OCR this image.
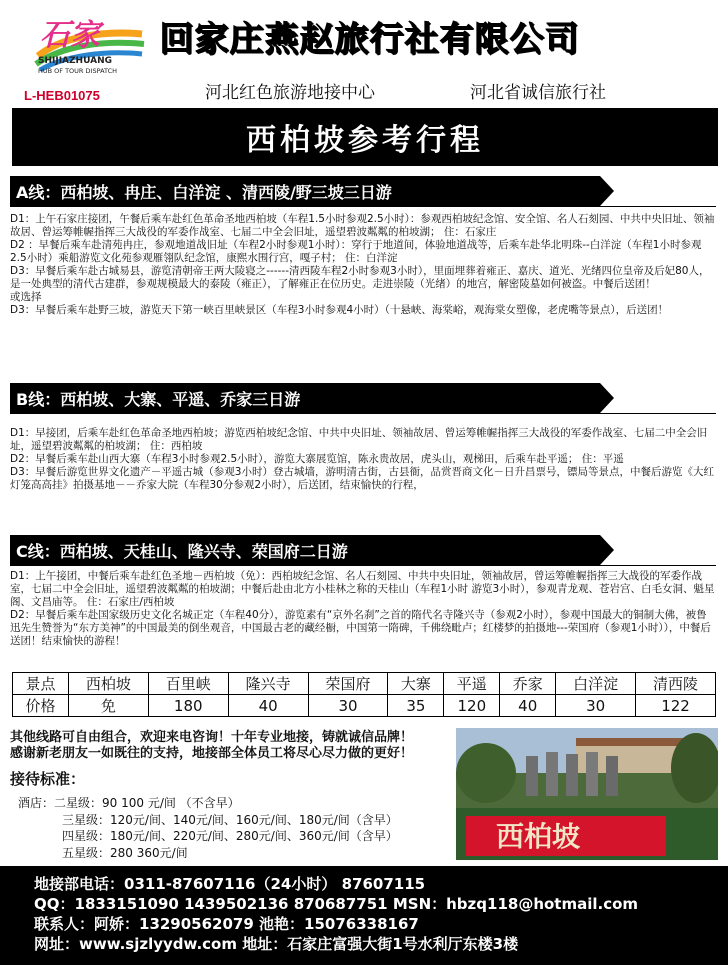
石家
SHIJIAZHUANG
HUB OF TOUR DISPATCH
L-HEB01075
回家庄燕赵旅行社有限公司
河北红色旅游地接中心	河北省诚信旅行社
西柏坡参考行程
A线：西柏坡、冉庄、白洋淀 、清西陵/野三坡三日游

D1：上午石家庄接团，午餐后乘车赴红色革命圣地西柏坡（车程1.5小时参观2.5小时）：参观西柏坡纪念馆、安全馆、名人石刻园、中共中央旧址、领袖故居、曾运筹帷幄指挥三大战役的军委作战室、七届二中全会旧址，遥望碧波粼粼的柏坡湖； 住：石家庄

D2 ：早餐后乘车赴清苑冉庄，参观地道战旧址（车程2小时参观1小时）：穿行于地道间，体验地道战等，后乘车赴华北明珠--白洋淀（车程1小时参观2.5小时）乘船游览文化苑参观雁翎队纪念馆，康熙水围行宫，嘎子村； 住：白洋淀

D3：早餐后乘车赴古城易县，游览清朝帝王两大陵寝之------清西陵车程2小时参观3小时），里面埋葬着雍正、嘉庆、道光、光绪四位皇帝及后妃80人，是一处典型的清代古建群，参观规模最大的泰陵（雍正），了解雍正在位历史。走进崇陵（光绪）的地宫，解密陵墓如何被盗。中餐后送团！

或选择

D3：早餐后乘车赴野三坡，游览天下第一峡百里峡景区（车程3小时参观4小时）（十悬峡、海棠峪，观海棠女塑像，老虎嘴等景点），后送团！

B线：西柏坡、大寨、平遥、乔家三日游

D1：早接团，后乘车赴红色革命圣地西柏坡；游览西柏坡纪念馆、中共中央旧址、领袖故居、曾运筹帷幄指挥三大战役的军委作战室、七届二中全会旧址，遥望碧波粼粼的柏坡湖； 住：西柏坡

D2：早餐后乘车赴山西大寨（车程3小时参观2.5小时），游览大寨展览馆，陈永贵故居，虎头山，观梯田，后乘车赴平遥； 住：平遥

D3：早餐后游览世界文化遗产－平遥古城（参观3小时）登古城墙，游明清古街，古县衙，品赏晋商文化－日升昌票号，镖局等景点，中餐后游览《大红灯笼高高挂》拍摄基地－－乔家大院（车程30分参观2小时），后送团，结束愉快的行程，

C线：西柏坡、天桂山、隆兴寺、荣国府二日游

D1：上午接团，中餐后乘车赴红色圣地－西柏坡（免）：西柏坡纪念馆、名人石刻园、中共中央旧址，领袖故居，曾运筹帷幄指挥三大战役的军委作战室，七届二中全会旧址，遥望碧波粼粼的柏坡湖；中餐后赴由北方小桂林之称的天桂山（车程1小时 游览3小时），参观青龙观、苍岩宫、白毛女洞、魁星阁、文昌庙等。 住：石家庄/西柏坡

D2：早餐后乘车赴国家级历史文化名城正定（车程40分），游览素有“京外名刹”之首的隋代名寺隆兴寺（参观2小时），参观中国最大的铜制大佛，被鲁迅先生赞誉为“东方美神”的中国最美的倒坐观音，中国最古老的藏经橱，中国第一隋碑，千佛绕毗卢；红楼梦的拍摄地---荣国府（参观1小时）），中餐后送团！结束愉快的游程！

景点	西柏坡	百里峡	隆兴寺	荣国府	大寨	平遥	乔家	白洋淀	清西陵
价格	免	180	40	30	35	120	40	30	122

其他线路可自由组合，欢迎来电咨询！十年专业地接，铸就诚信品牌！

感谢新老朋友一如既往的支持，地接部全体员工将尽心尽力做的更好！

接待标准：

酒店：二星级：90 100 元/间 （不含早）

三星级：120元/间、140元/间、160元/间、180元/间（含早）

四星级：180元/间、220元/间、280元/间、360元/间（含早）

五星级：280 360元/间	西柏坡
地接部电话：0311-87607116（24小时） 87607115
QQ：1833151090 1439502136 870687751 MSN：hbzq118@hotmail.com
联系人：阿娇：13290562079 池艳：15076338167
网址：www.sjzlyydw.com 地址：石家庄富强大街1号水利厅东楼3楼
